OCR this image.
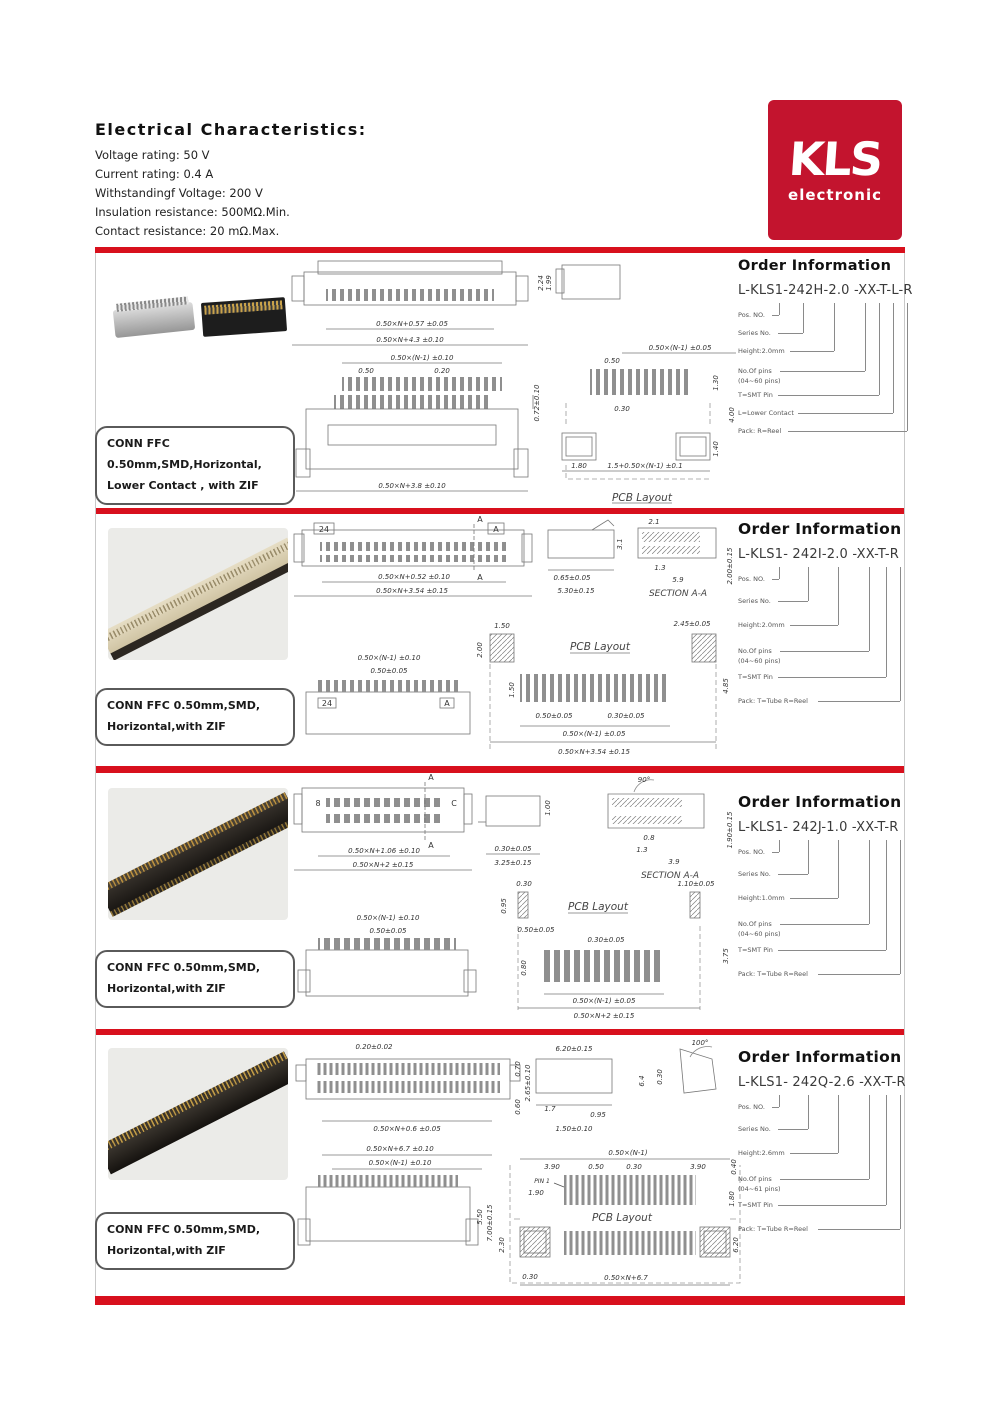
Electrical Characteristics:
Voltage rating: 50 V
Current rating: 0.4 A
Withstandingf Voltage: 200 V
Insulation resistance: 500MΩ.Min.
Contact resistance: 20 mΩ.Max.
KLS
electronic
CONN FFC 0.50mm,SMD,Horizontal,
Lower Contact , with ZIF
0.50×N+0.57 ±0.05
0.50×N+4.3 ±0.10
0.50×(N-1) ±0.10
0.50	0.20
0.72±0.10
0.50×N+3.8 ±0.10
2.24 1.99
0.50×(N-1) ±0.05
0.50
0.30
1.30
4.00
1.40
1.80	1.5+0.50×(N-1) ±0.1
PCB Layout
Order Information
L-KLS1-242H-2.0 -XX-T-L-R
Pos. NO.
Series No.
Height:2.0mm
No.Of pins
(04~60 pins)
T=SMT Pin
L=Lower Contact
Pack: R=Reel
CONN FFC 0.50mm,SMD,
Horizontal,with ZIF
24	A
A
A
0.50×N+0.52 ±0.10
0.50×N+3.54 ±0.15
3.1
0.65±0.05
5.30±0.15
2.1
1.3
5.9
SECTION A-A
2.00±0.15
2.45±0.05
1.50
2.00	PCB Layout
4.85
1.50
0.50±0.05	0.30±0.05
0.50×(N-1) ±0.05
0.50×N+3.54 ±0.15
0.50×(N-1) ±0.10
0.50±0.05
24	A
Order Information
L-KLS1- 242I-2.0 -XX-T-R
Pos. NO.
Series No.
Height:2.0mm
No.Of pins
(04~60 pins)
T=SMT Pin
Pack: T=Tube R=Reel
CONN FFC 0.50mm,SMD,
Horizontal,with ZIF
8	C
A
A
0.50×N+1.06 ±0.10
0.50×N+2 ±0.15
0.30±0.05
3.25±0.15
1.00
90°
0.8
1.3
3.9
SECTION A-A
1.90±0.15
0.30	1.10±0.05
0.95	PCB Layout
0.50±0.05
0.80
0.30±0.05
3.75
0.50×(N-1) ±0.05
0.50×N+2 ±0.15
0.50×(N-1) ±0.10
0.50±0.05
Order Information
L-KLS1- 242J-1.0 -XX-T-R
Pos. NO.
Series No.
Height:1.0mm
No.Of pins
(04~60 pins)
T=SMT Pin
Pack: T=Tube R=Reel
CONN FFC 0.50mm,SMD,
Horizontal,with ZIF
0.20±0.02
0.70 2.65±0.10
0.50×N+0.6 ±0.05
0.60
6.20±0.15
0.30
6.4
100°
1.7
0.95
1.50±0.10
0.50×N+6.7 ±0.10
0.50×(N-1) ±0.10
5.50 7.00±0.15
2.30
0.50×(N-1)
3.90	0.50	0.30	3.90	0.40
PIN 1
1.90	1.80
PCB Layout
6.20
0.30	0.50×N+6.7
Order Information
L-KLS1- 242Q-2.6 -XX-T-R
Pos. NO.
Series No.
Height:2.6mm
No.Of pins
(04~61 pins)
T=SMT Pin
Pack: T=Tube R=Reel
